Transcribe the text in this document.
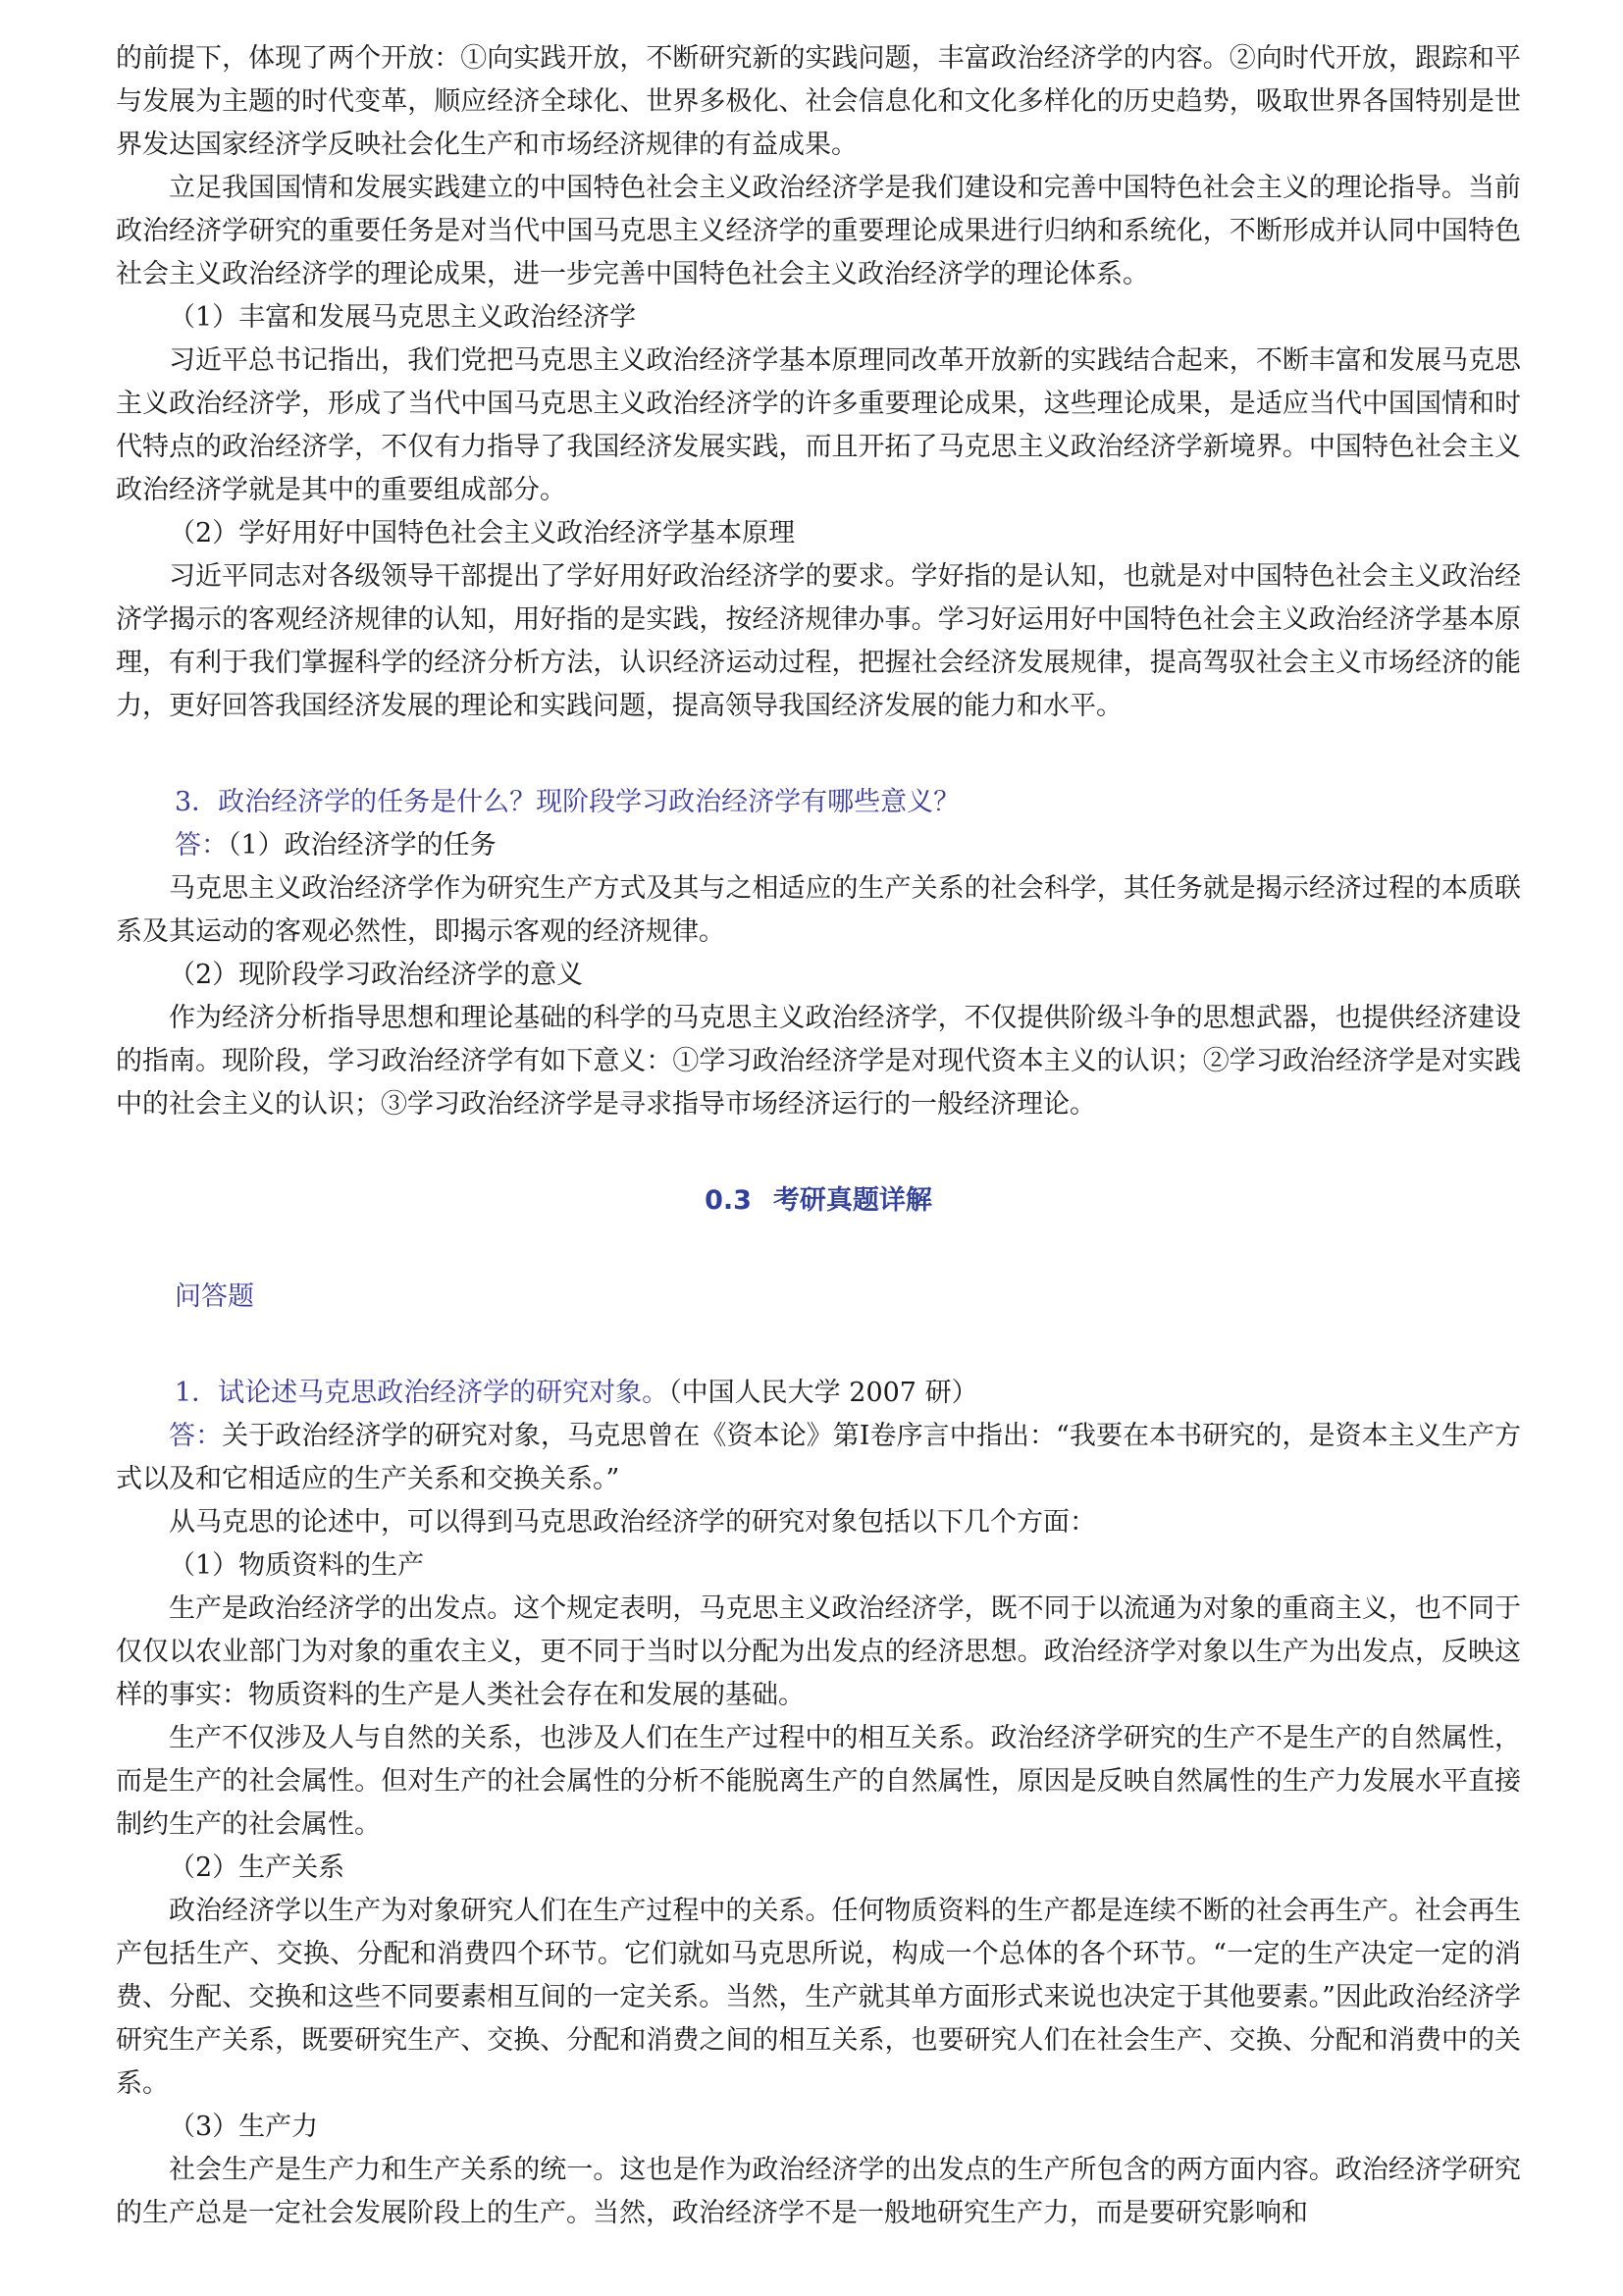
的前提下，体现了两个开放：①向实践开放，不断研究新的实践问题，丰富政治经济学的内容。②向时代开放，跟踪和平与发展为主题的时代变革，顺应经济全球化、世界多极化、社会信息化和文化多样化的历史趋势，吸取世界各国特别是世界发达国家经济学反映社会化生产和市场经济规律的有益成果。

立足我国国情和发展实践建立的中国特色社会主义政治经济学是我们建设和完善中国特色社会主义的理论指导。当前政治经济学研究的重要任务是对当代中国马克思主义经济学的重要理论成果进行归纳和系统化，不断形成并认同中国特色社会主义政治经济学的理论成果，进一步完善中国特色社会主义政治经济学的理论体系。

（1）丰富和发展马克思主义政治经济学

习近平总书记指出，我们党把马克思主义政治经济学基本原理同改革开放新的实践结合起来，不断丰富和发展马克思主义政治经济学，形成了当代中国马克思主义政治经济学的许多重要理论成果，这些理论成果，是适应当代中国国情和时代特点的政治经济学，不仅有力指导了我国经济发展实践，而且开拓了马克思主义政治经济学新境界。中国特色社会主义政治经济学就是其中的重要组成部分。

（2）学好用好中国特色社会主义政治经济学基本原理

习近平同志对各级领导干部提出了学好用好政治经济学的要求。学好指的是认知，也就是对中国特色社会主义政治经济学揭示的客观经济规律的认知，用好指的是实践，按经济规律办事。学习好运用好中国特色社会主义政治经济学基本原理，有利于我们掌握科学的经济分析方法，认识经济运动过程，把握社会经济发展规律，提高驾驭社会主义市场经济的能力，更好回答我国经济发展的理论和实践问题，提高领导我国经济发展的能力和水平。

3．政治经济学的任务是什么？现阶段学习政治经济学有哪些意义？

答：（1）政治经济学的任务

马克思主义政治经济学作为研究生产方式及其与之相适应的生产关系的社会科学，其任务就是揭示经济过程的本质联系及其运动的客观必然性，即揭示客观的经济规律。

（2）现阶段学习政治经济学的意义

作为经济分析指导思想和理论基础的科学的马克思主义政治经济学，不仅提供阶级斗争的思想武器，也提供经济建设的指南。现阶段，学习政治经济学有如下意义：①学习政治经济学是对现代资本主义的认识；②学习政治经济学是对实践中的社会主义的认识；③学习政治经济学是寻求指导市场经济运行的一般经济理论。

0.3 考研真题详解

问答题

1．试论述马克思政治经济学的研究对象。（中国人民大学 2007 研）

答：关于政治经济学的研究对象，马克思曾在《资本论》第Ⅰ卷序言中指出：“我要在本书研究的，是资本主义生产方式以及和它相适应的生产关系和交换关系。”

从马克思的论述中，可以得到马克思政治经济学的研究对象包括以下几个方面：

（1）物质资料的生产

生产是政治经济学的出发点。这个规定表明，马克思主义政治经济学，既不同于以流通为对象的重商主义，也不同于仅仅以农业部门为对象的重农主义，更不同于当时以分配为出发点的经济思想。政治经济学对象以生产为出发点，反映这样的事实：物质资料的生产是人类社会存在和发展的基础。

生产不仅涉及人与自然的关系，也涉及人们在生产过程中的相互关系。政治经济学研究的生产不是生产的自然属性，而是生产的社会属性。但对生产的社会属性的分析不能脱离生产的自然属性，原因是反映自然属性的生产力发展水平直接制约生产的社会属性。

（2）生产关系

政治经济学以生产为对象研究人们在生产过程中的关系。任何物质资料的生产都是连续不断的社会再生产。社会再生产包括生产、交换、分配和消费四个环节。它们就如马克思所说，构成一个总体的各个环节。“一定的生产决定一定的消费、分配、交换和这些不同要素相互间的一定关系。当然，生产就其单方面形式来说也决定于其他要素。”因此政治经济学研究生产关系，既要研究生产、交换、分配和消费之间的相互关系，也要研究人们在社会生产、交换、分配和消费中的关系。

（3）生产力

社会生产是生产力和生产关系的统一。这也是作为政治经济学的出发点的生产所包含的两方面内容。政治经济学研究的生产总是一定社会发展阶段上的生产。当然，政治经济学不是一般地研究生产力，而是要研究影响和
